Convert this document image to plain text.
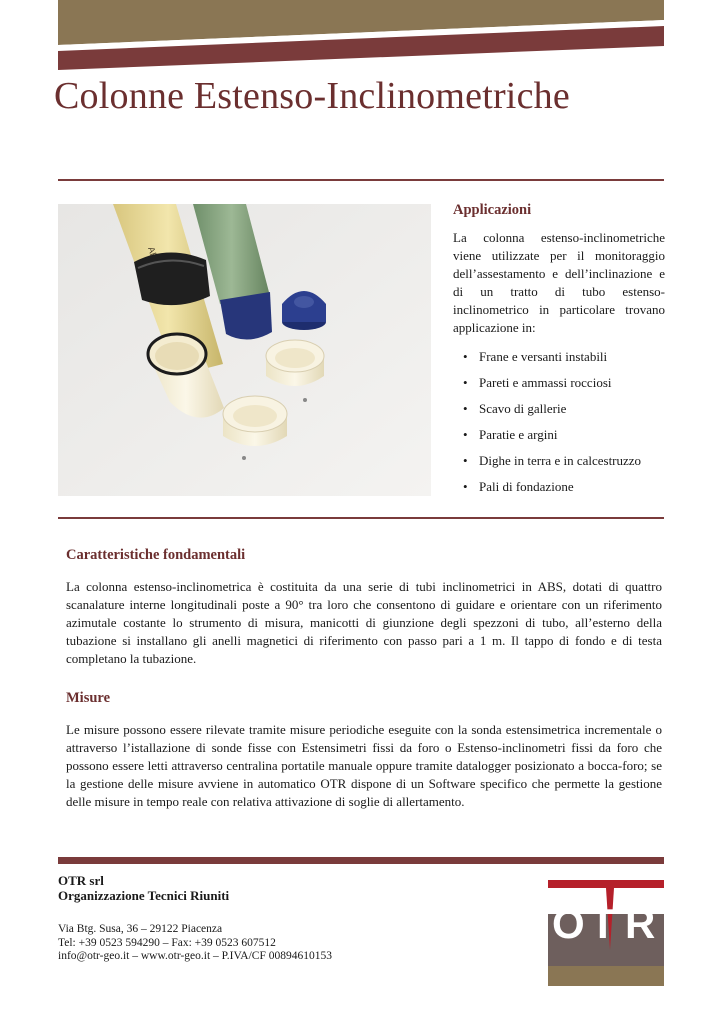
Colonne Estenso-Inclinometriche
Applicazioni

La colonna estenso-inclinometriche viene utilizzate per il monitoraggio dell’assestamento e dell’inclinazione e di un tratto di tubo estenso-inclinometrico in particolare trovano applicazione in:

• Frane e versanti instabili
• Pareti e ammassi rocciosi
• Scavo di gallerie
• Paratie e argini
• Dighe in terra e in calcestruzzo
• Pali di fondazione
Caratteristiche fondamentali

La colonna estenso-inclinometrica è costituita da una serie di tubi inclinometrici in ABS, dotati di quattro scanalature interne longitudinali poste a 90° tra loro che consentono di guidare e orientare con un riferimento azimutale costante lo strumento di misura, manicotti di giunzione degli spezzoni di tubo, all’esterno della tubazione si installano gli anelli magnetici di riferimento con passo pari a 1 m. Il tappo di fondo e di testa completano la tubazione.

Misure

Le misure possono essere rilevate tramite misure periodiche eseguite con la sonda estensimetrica incrementale o attraverso l’istallazione di sonde fisse con Estensimetri fissi da foro o Estenso-inclinometri fissi da foro che possono essere letti attraverso centralina portatile manuale oppure tramite datalogger posizionato a bocca-foro; se la gestione delle misure avviene in automatico OTR dispone di un Software specifico che permette la gestione delle misure in tempo reale con relativa attivazione di soglie di allertamento.

OTR srl
Organizzazione Tecnici Riuniti
Via Btg. Susa, 36 – 29122 Piacenza
Tel: +39 0523 594290 – Fax: +39 0523 607512
info@otr-geo.it – www.otr-geo.it – P.IVA/CF 00894610153
O T R
